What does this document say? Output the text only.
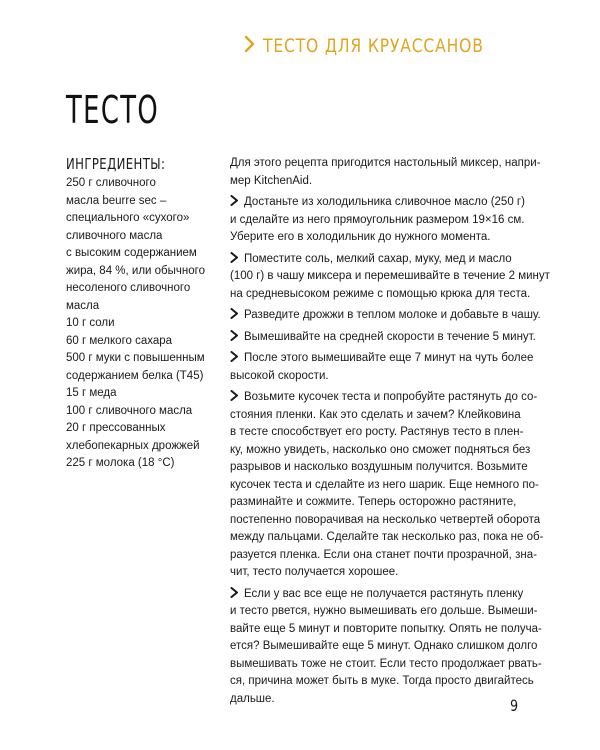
ТЕСТО ДЛЯ КРУАССАНОВ
ТЕСТО
ИНГРЕДИЕНТЫ:
250 г сливочного
масла beurre sec –
специального «сухого»
сливочного масла
с высоким содержанием
жира, 84 %, или обычного
несоленого сливочного
масла
10 г соли
60 г мелкого сахара
500 г муки с повышенным
содержанием белка (Т45)
15 г меда
100 г сливочного масла
20 г прессованных
хлебопекарных дрожжей
225 г молока (18 °C)

Для этого рецепта пригодится настольный миксер, напри-
мер KitchenAid.

Достаньте из холодильника сливочное масло (250 г)
и сделайте из него прямоугольник размером 19×16 см.
Уберите его в холодильник до нужного момента.

Поместите соль, мелкий сахар, муку, мед и масло
(100 г) в чашу миксера и перемешивайте в течение 2 минут
на средневысоком режиме с помощью крюка для теста.

Разведите дрожжи в теплом молоке и добавьте в чашу.

Вымешивайте на средней скорости в течение 5 минут.

После этого вымешивайте еще 7 минут на чуть более
высокой скорости.

Возьмите кусочек теста и попробуйте растянуть до со-
стояния пленки. Как это сделать и зачем? Клейковина
в тесте способствует его росту. Растянув тесто в плен-
ку, можно увидеть, насколько оно сможет подняться без
разрывов и насколько воздушным получится. Возьмите
кусочек теста и сделайте из него шарик. Еще немного по-
разминайте и сожмите. Теперь осторожно растяните,
постепенно поворачивая на несколько четвертей оборота
между пальцами. Сделайте так несколько раз, пока не об-
разуется пленка. Если она станет почти прозрачной, зна-
чит, тесто получается хорошее.

Если у вас все еще не получается растянуть пленку
и тесто рвется, нужно вымешивать его дольше. Вымеши-
вайте еще 5 минут и повторите попытку. Опять не получа-
ется? Вымешивайте еще 5 минут. Однако слишком долго
вымешивать тоже не стоит. Если тесто продолжает рвать-
ся, причина может быть в муке. Тогда просто двигайтесь
дальше.	9
